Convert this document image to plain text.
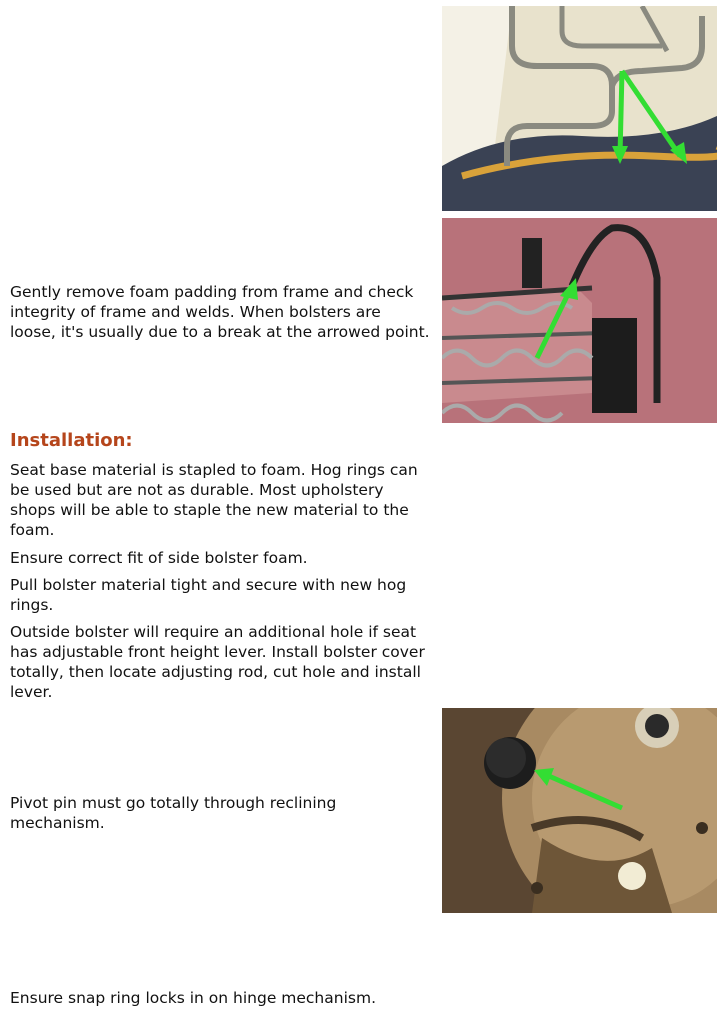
Gently remove foam padding from frame and check integrity of frame and welds. When bolsters are loose, it's usually due to a break at the arrowed point.

Installation:

Seat base material is stapled to foam. Hog rings can be used but are not as durable. Most upholstery shops will be able to staple the new material to the foam.

Ensure correct fit of side bolster foam.

Pull bolster material tight and secure with new hog rings.

Outside bolster will require an additional hole if seat has adjustable front height lever. Install bolster cover totally, then locate adjusting rod, cut hole and install lever.

Pivot pin must go totally through reclining mechanism.

Ensure snap ring locks in on hinge mechanism.
